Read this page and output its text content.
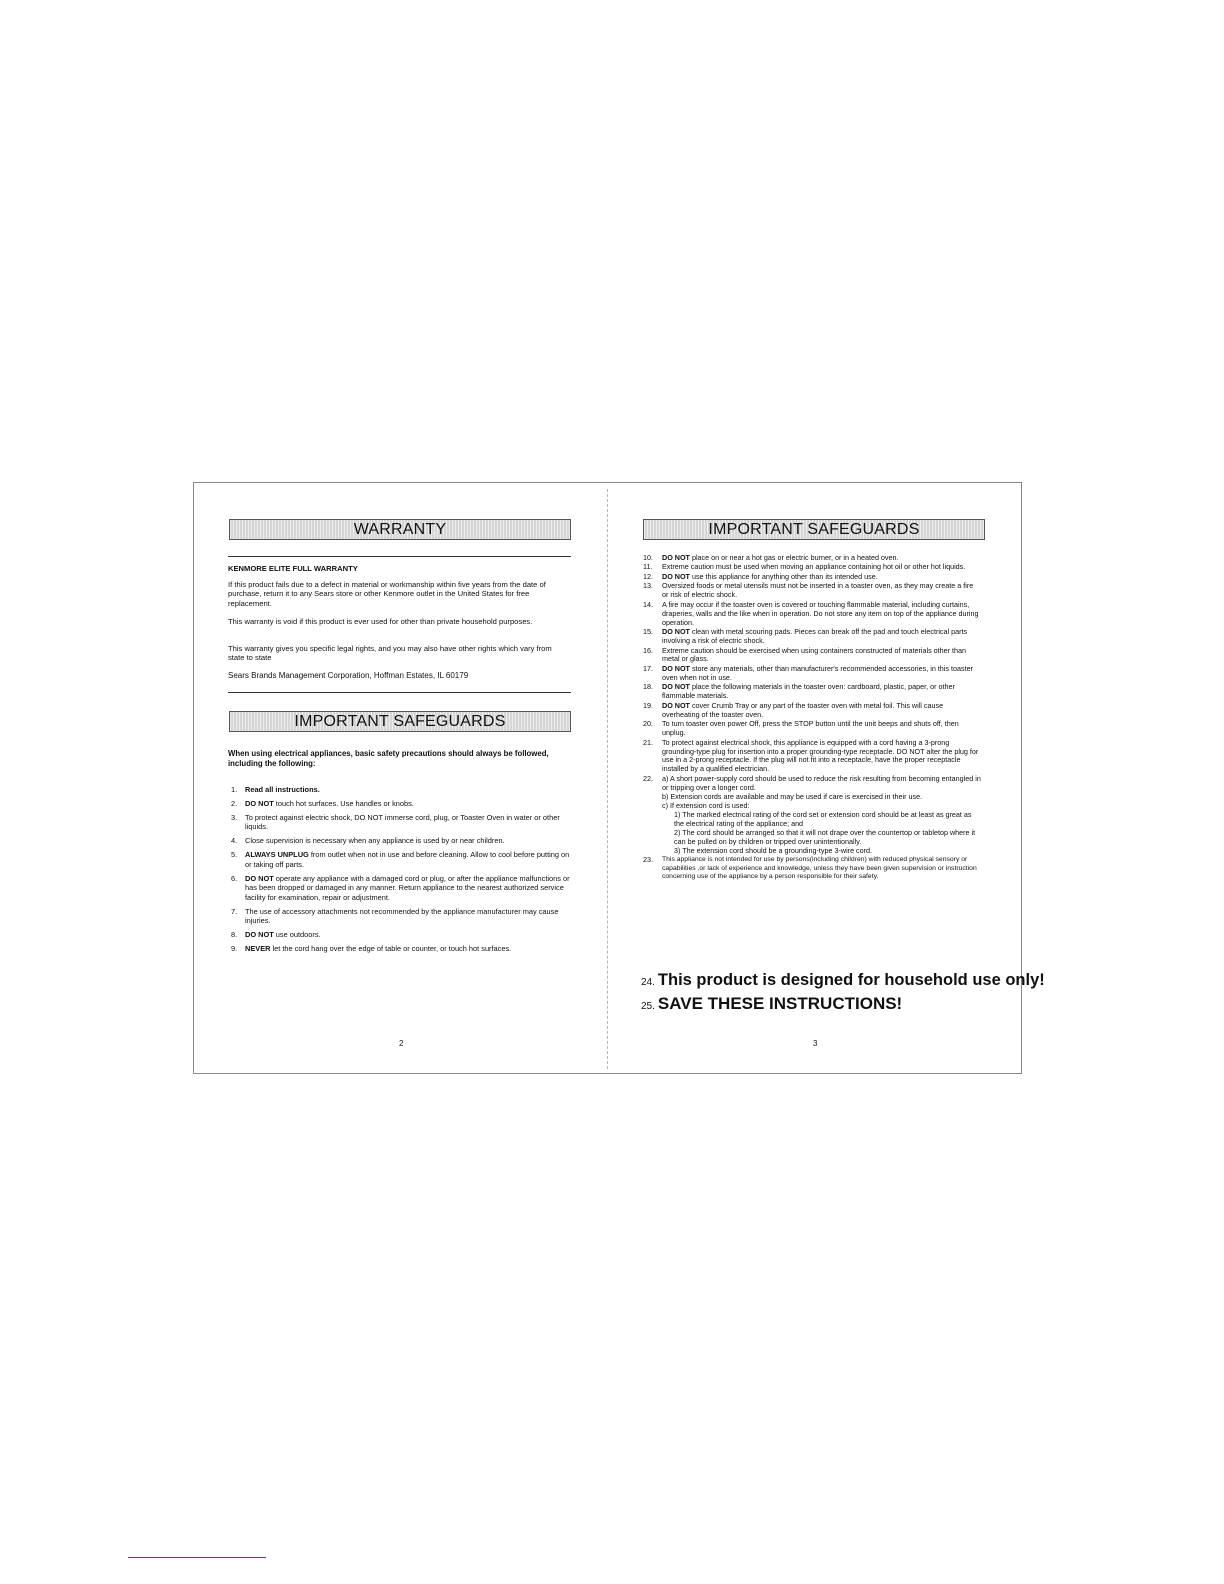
WARRANTY
KENMORE ELITE FULL WARRANTY
If this product fails due to a defect in material or workmanship within five years from the date of purchase, return it to any Sears store or other Kenmore outlet in the United States for free replacement.
This warranty is void if this product is ever used for other than private household purposes.
This warranty gives you specific legal rights, and you may also have other rights which vary from state to state
Sears Brands Management Corporation, Hoffman Estates, IL 60179
IMPORTANT SAFEGUARDS
When using electrical appliances, basic safety precautions should always be followed, including the following:
1. Read all instructions.
2. DO NOT touch hot surfaces. Use handles or knobs.
3. To protect against electric shock, DO NOT immerse cord, plug, or Toaster Oven in water or other liquids.
4. Close supervision is necessary when any appliance is used by or near children.
5. ALWAYS UNPLUG from outlet when not in use and before cleaning. Allow to cool before putting on or taking off parts.
6. DO NOT operate any appliance with a damaged cord or plug, or after the appliance malfunctions or has been dropped or damaged in any manner. Return appliance to the nearest authorized service facility for examination, repair or adjustment.
7. The use of accessory attachments not recommended by the appliance manufacturer may cause injuries.
8. DO NOT use outdoors.
9. NEVER let the cord hang over the edge of table or counter, or touch hot surfaces.
2
IMPORTANT SAFEGUARDS
10. DO NOT place on or near a hot gas or electric burner, or in a heated oven.
11. Extreme caution must be used when moving an appliance containing hot oil or other hot liquids.
12. DO NOT use this appliance for anything other than its intended use.
13. Oversized foods or metal utensils must not be inserted in a toaster oven, as they may create a fire or risk of electric shock.
14. A fire may occur if the toaster oven is covered or touching flammable material, including curtains, draperies, walls and the like when in operation. Do not store any item on top of the appliance during operation.
15. DO NOT clean with metal scouring pads. Pieces can break off the pad and touch electrical parts involving a risk of electric shock.
16. Extreme caution should be exercised when using containers constructed of materials other than metal or glass.
17. DO NOT store any materials, other than manufacturer's recommended accessories, in this toaster oven when not in use.
18. DO NOT place the following materials in the toaster oven: cardboard, plastic, paper, or other flammable materials.
19. DO NOT cover Crumb Tray or any part of the toaster oven with metal foil. This will cause overheating of the toaster oven.
20. To turn toaster oven power Off, press the STOP button until the unit beeps and shuts off, then unplug.
21. To protect against electrical shock, this appliance is equipped with a cord having a 3-prong grounding-type plug for insertion into a proper grounding-type receptacle. DO NOT alter the plug for use in a 2-prong receptacle. If the plug will not fit into a receptacle, have the proper receptacle installed by a qualified electrician.
22. a) A short power-supply cord should be used to reduce the risk resulting from becoming entangled in or tripping over a longer cord.
b) Extension cords are available and may be used if care is exercised in their use.
c) If extension cord is used:
1) The marked electrical rating of the cord set or extension cord should be at least as great as the electrical rating of the appliance; and
2) The cord should be arranged so that it will not drape over the countertop or tabletop where it can be pulled on by children or tripped over unintentionally.
3) The extension cord should be a grounding-type 3-wire cord.
23. This appliance is not intended for use by persons(including children) with reduced physical sensory or capabilities ,or lack of experience and knowledge, unless they have been given supervision or instruction concerning use of the appliance by a person responsible for their safety.
24. This product is designed for household use only!
25. SAVE THESE INSTRUCTIONS!
3
